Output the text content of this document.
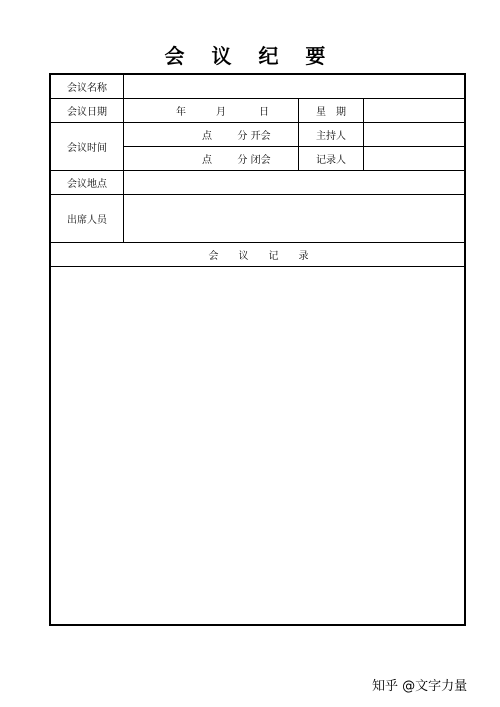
会 议 纪 要
会议名称
会议日期	年	月	日	星　期
会议时间
点	分 开会	主持人
点	分 闭会	记录人
会议地点
出席人员
会　　议　　记　　录
知乎 @文字力量
